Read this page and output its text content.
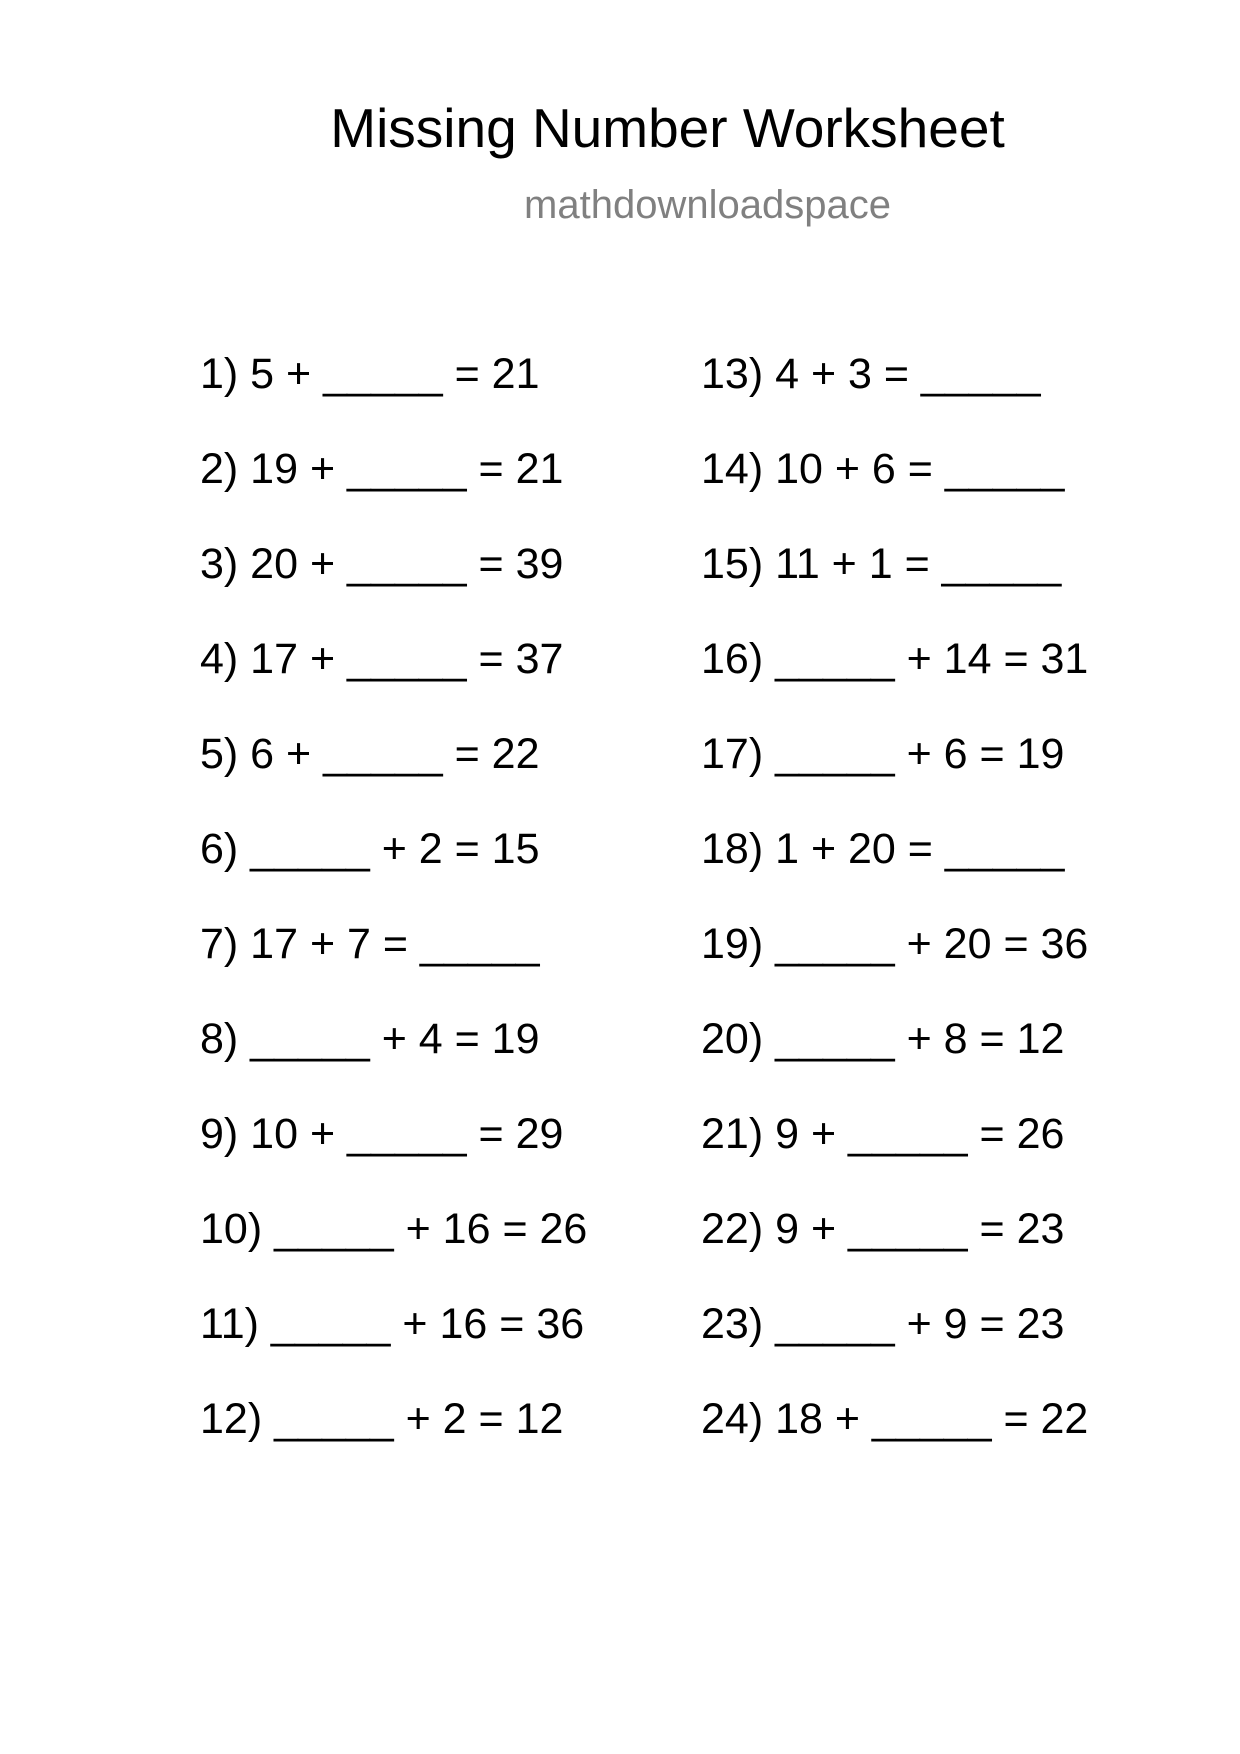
Missing Number Worksheet
mathdownloadspace
1) 5 + _____ = 21
2) 19 + _____ = 21
3) 20 + _____ = 39
4) 17 + _____ = 37
5) 6 + _____ = 22
6) _____ + 2 = 15
7) 17 + 7 = _____
8) _____ + 4 = 19
9) 10 + _____ = 29
10) _____ + 16 = 26
11) _____ + 16 = 36
12) _____ + 2 = 12
13) 4 + 3 = _____
14) 10 + 6 = _____
15) 11 + 1 = _____
16) _____ + 14 = 31
17) _____ + 6 = 19
18) 1 + 20 = _____
19) _____ + 20 = 36
20) _____ + 8 = 12
21) 9 + _____ = 26
22) 9 + _____ = 23
23) _____ + 9 = 23
24) 18 + _____ = 22
